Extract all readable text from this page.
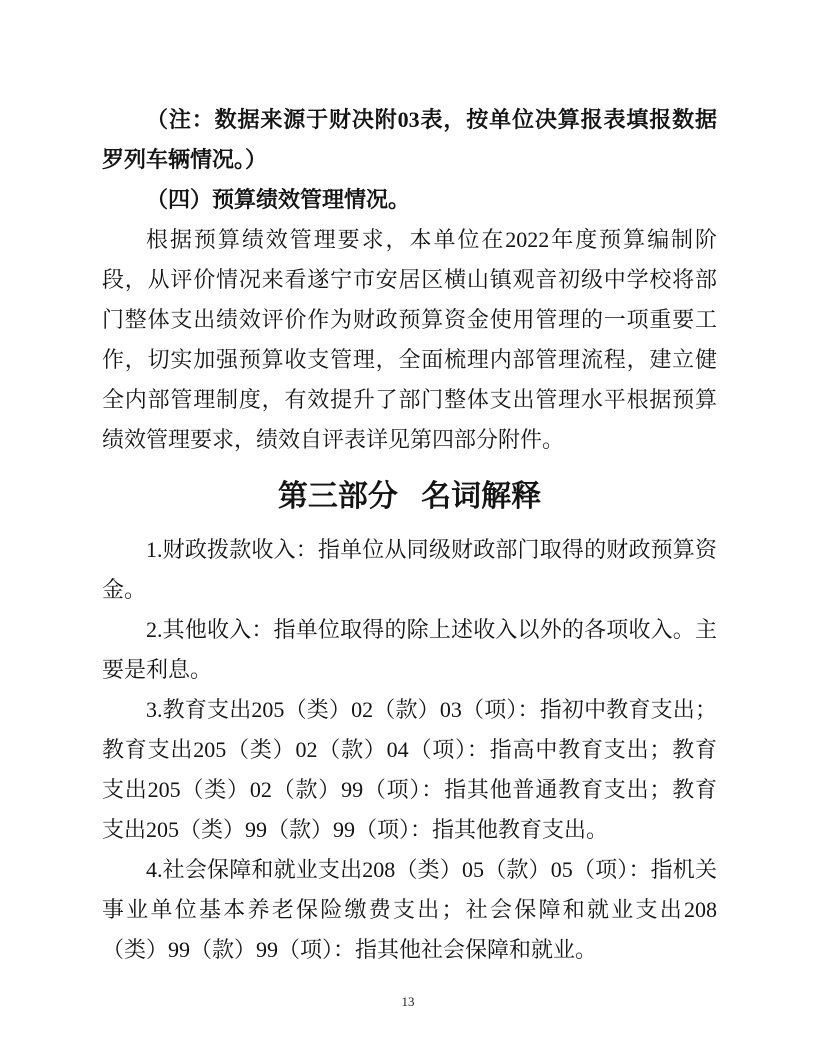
（注：数据来源于财决附03表，按单位决算报表填报数据罗列车辆情况。）

（四）预算绩效管理情况。

根据预算绩效管理要求，本单位在2022年度预算编制阶段，从评价情况来看遂宁市安居区横山镇观音初级中学校将部门整体支出绩效评价作为财政预算资金使用管理的一项重要工作，切实加强预算收支管理，全面梳理内部管理流程，建立健全内部管理制度，有效提升了部门整体支出管理水平根据预算绩效管理要求，绩效自评表详见第四部分附件。

第三部分 名词解释

1.财政拨款收入：指单位从同级财政部门取得的财政预算资金。

2.其他收入：指单位取得的除上述收入以外的各项收入。主要是利息。

3.教育支出205（类）02（款）03（项）：指初中教育支出；教育支出205（类）02（款）04（项）：指高中教育支出；教育支出205（类）02（款）99（项）：指其他普通教育支出；教育支出205（类）99（款）99（项）：指其他教育支出。

4.社会保障和就业支出208（类）05（款）05（项）：指机关事业单位基本养老保险缴费支出；社会保障和就业支出208（类）99（款）99（项）：指其他社会保障和就业。

13
